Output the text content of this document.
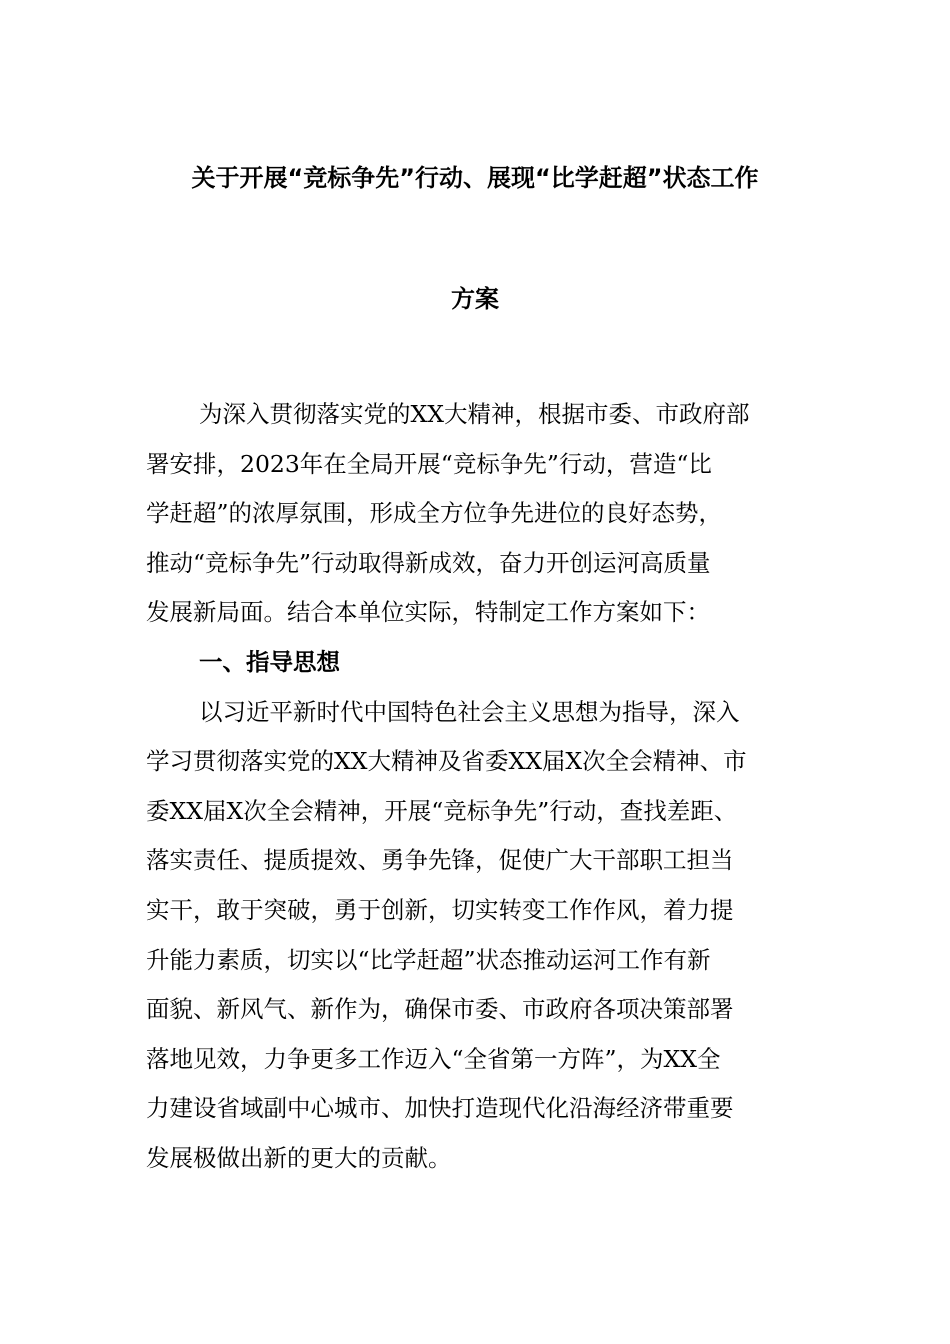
关于开展“竞标争先”行动、展现“比学赶超”状态工作
方案
为深入贯彻落实党的XX大精神，根据市委、市政府部
署安排，2023年在全局开展“竞标争先”行动，营造“比
学赶超”的浓厚氛围，形成全方位争先进位的良好态势，
推动“竞标争先”行动取得新成效，奋力开创运河高质量
发展新局面。结合本单位实际，特制定工作方案如下：
一、指导思想
以习近平新时代中国特色社会主义思想为指导，深入
学习贯彻落实党的XX大精神及省委XX届X次全会精神、市
委XX届X次全会精神，开展“竞标争先”行动，查找差距、
落实责任、提质提效、勇争先锋，促使广大干部职工担当
实干，敢于突破，勇于创新，切实转变工作作风，着力提
升能力素质，切实以“比学赶超”状态推动运河工作有新
面貌、新风气、新作为，确保市委、市政府各项决策部署
落地见效，力争更多工作迈入“全省第一方阵”，为XX全
力建设省域副中心城市、加快打造现代化沿海经济带重要
发展极做出新的更大的贡献。
